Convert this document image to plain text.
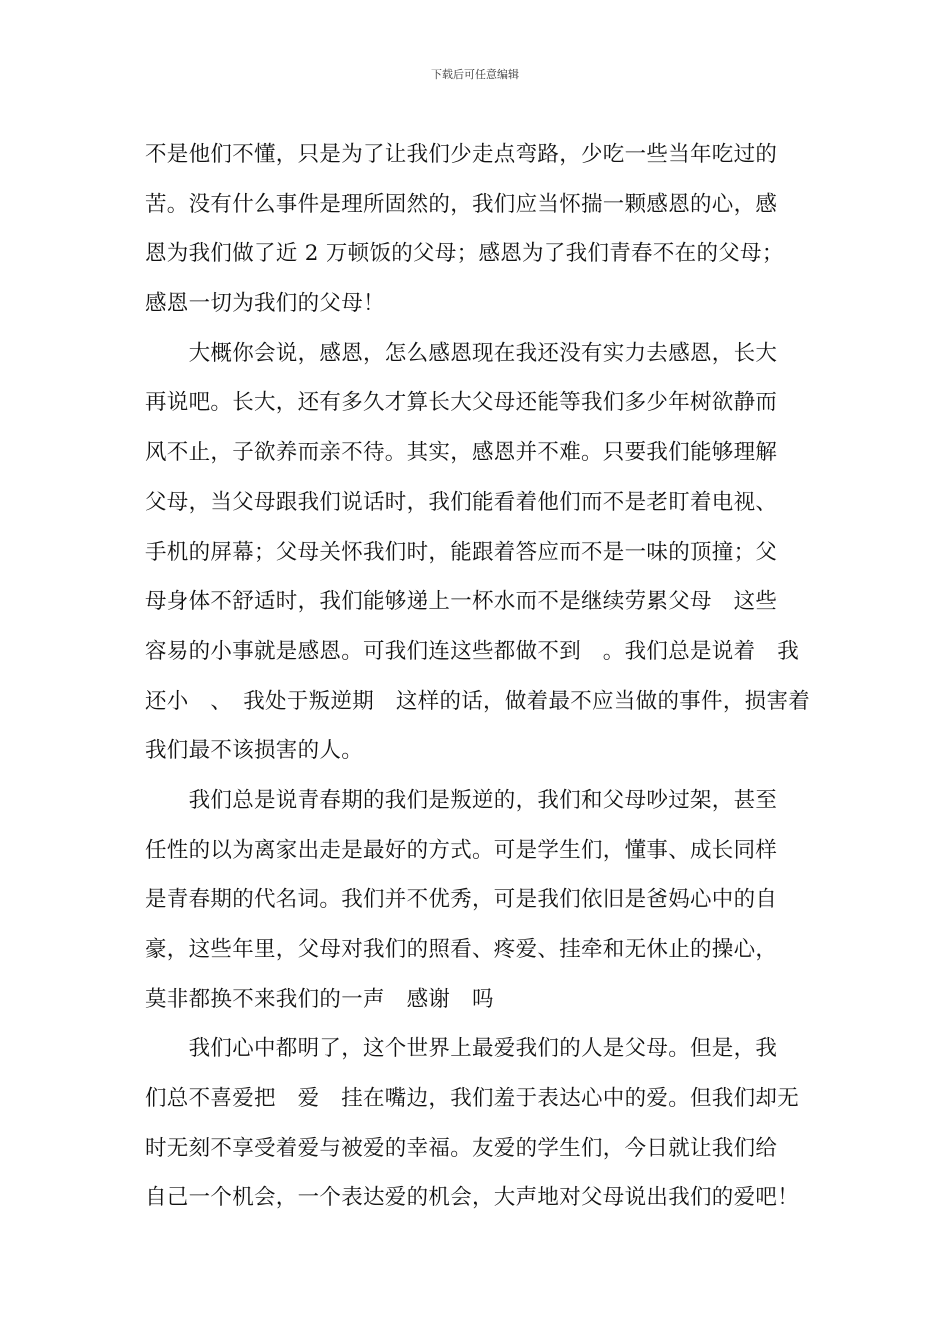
下载后可任意编辑
不是他们不懂，只是为了让我们少走点弯路，少吃一些当年吃过的
苦。没有什么事件是理所固然的，我们应当怀揣一颗感恩的心，感
恩为我们做了近 2 万顿饭的父母；感恩为了我们青春不在的父母；
感恩一切为我们的父母！
　　大概你会说，感恩，怎么感恩现在我还没有实力去感恩，长大
再说吧。长大，还有多久才算长大父母还能等我们多少年树欲静而
风不止，子欲养而亲不待。其实，感恩并不难。只要我们能够理解
父母，当父母跟我们说话时，我们能看着他们而不是老盯着电视、
手机的屏幕；父母关怀我们时，能跟着答应而不是一味的顶撞；父
母身体不舒适时，我们能够递上一杯水而不是继续劳累父母　这些
容易的小事就是感恩。可我们连这些都做不到　。我们总是说着　我
还小　、　我处于叛逆期　这样的话，做着最不应当做的事件，损害着
我们最不该损害的人。
　　我们总是说青春期的我们是叛逆的，我们和父母吵过架，甚至
任性的以为离家出走是最好的方式。可是学生们，懂事、成长同样
是青春期的代名词。我们并不优秀，可是我们依旧是爸妈心中的自
豪，这些年里，父母对我们的照看、疼爱、挂牵和无休止的操心，
莫非都换不来我们的一声　感谢　吗
　　我们心中都明了，这个世界上最爱我们的人是父母。但是，我
们总不喜爱把　爱　挂在嘴边，我们羞于表达心中的爱。但我们却无
时无刻不享受着爱与被爱的幸福。友爱的学生们，今日就让我们给
自己一个机会，一个表达爱的机会，大声地对父母说出我们的爱吧！
